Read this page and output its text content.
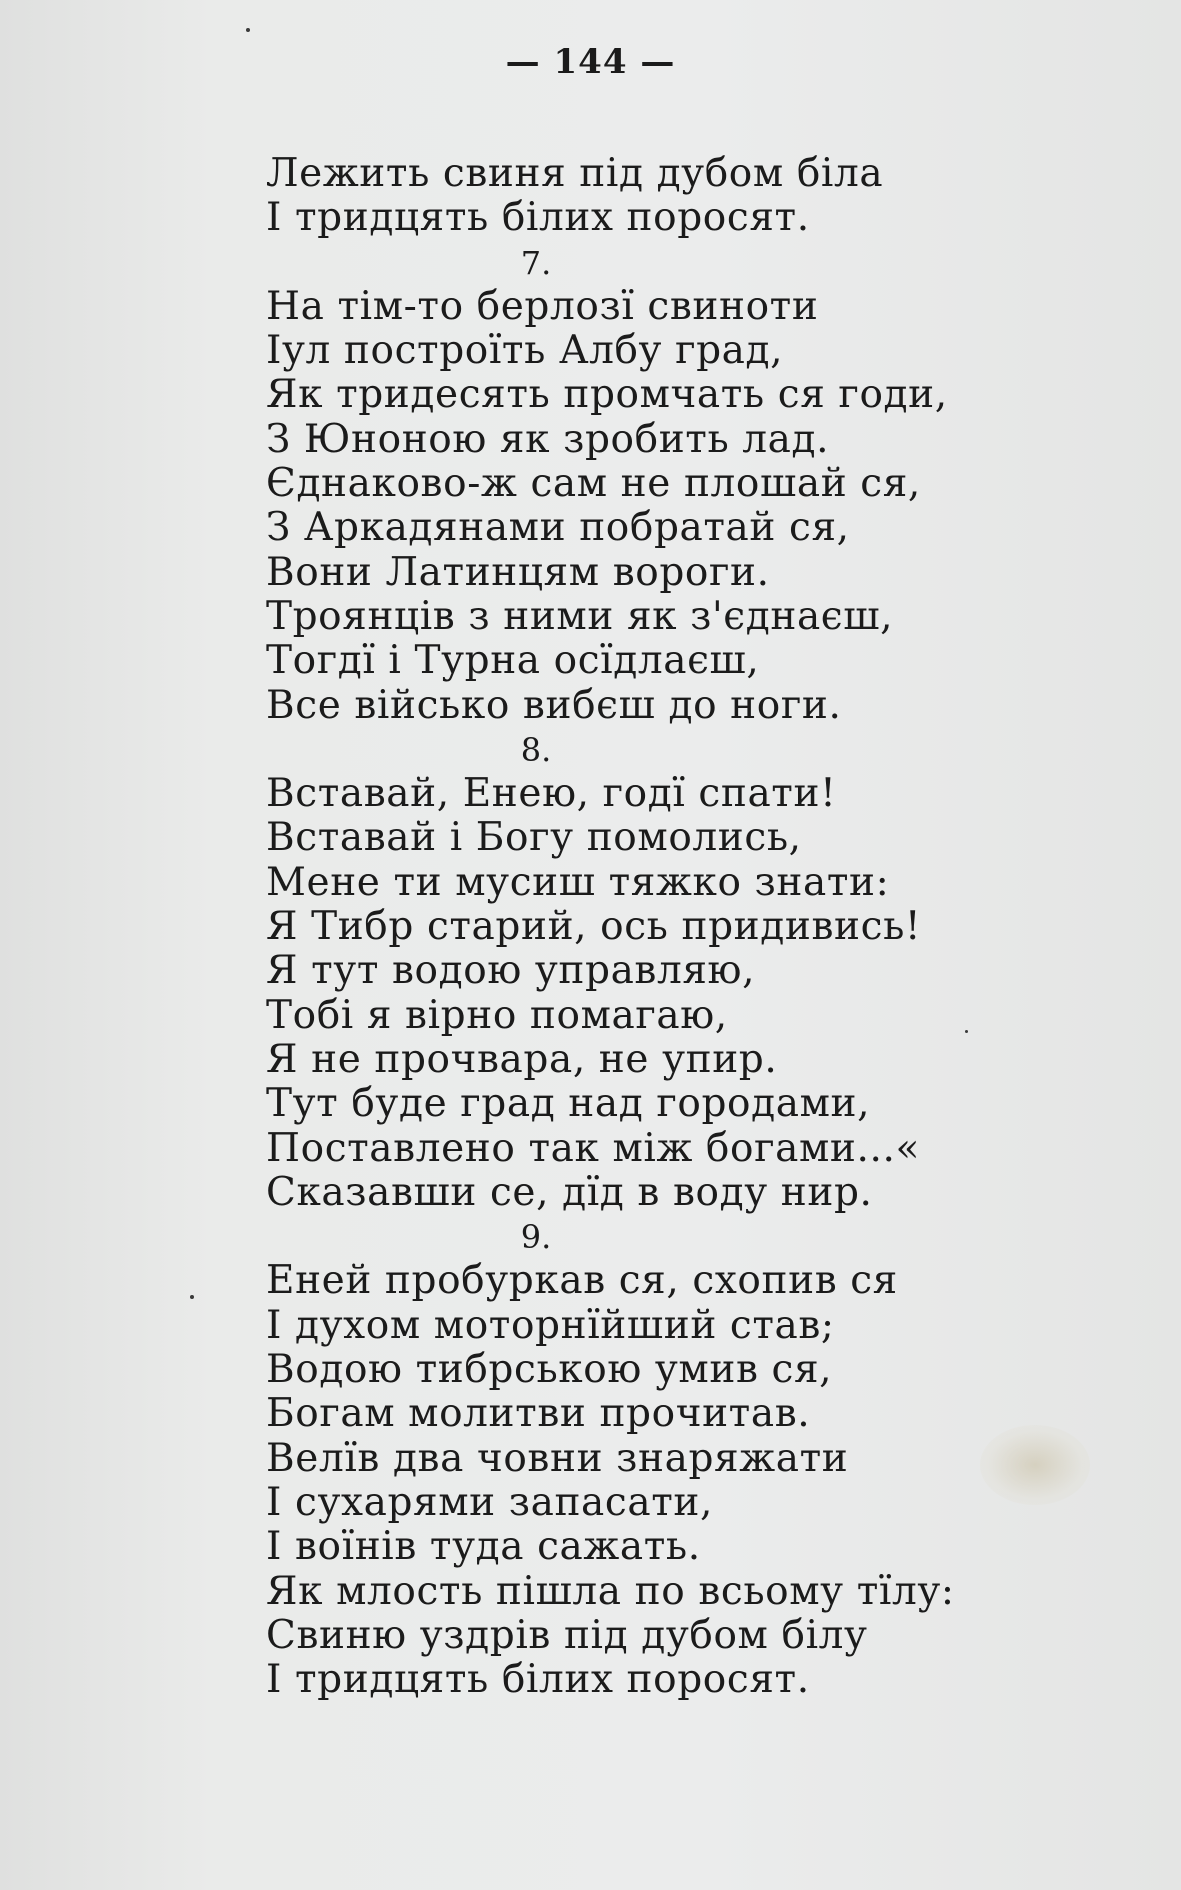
— 144 —
Лежить свиня під дубом біла
І тридцять білих поросят.
7.
На тім-то берлозї свиноти
Іул построїть Албу град,
Як тридесять промчать ся годи,
З Юноною як зробить лад.
Єднаково-ж сам не плошай ся,
З Аркадянами побратай ся,
Вони Латинцям вороги.
Троянців з ними як з'єднаєш,
Тогдї і Турна осїдлаєш,
Все військо вибєш до ноги.
8.
Вставай, Енею, годї спати!
Вставай і Богу помолись,
Мене ти мусиш тяжко знати:
Я Тибр старий, ось придивись!
Я тут водою управляю,
Тобі я вірно помагаю,
Я не прочвара, не упир.
Тут буде град над городами,
Поставлено так між богами...«
Сказавши се, дїд в воду нир.
9.
Еней пробуркав ся, схопив ся
І духом моторнїйший став;
Водою тибрською умив ся,
Богам молитви прочитав.
Велїв два човни знаряжати
І сухарями запасати,
І воїнів туда сажать.
Як млость пішла по всьому тїлу:
Свиню уздрів під дубом білу
І тридцять білих поросят.
